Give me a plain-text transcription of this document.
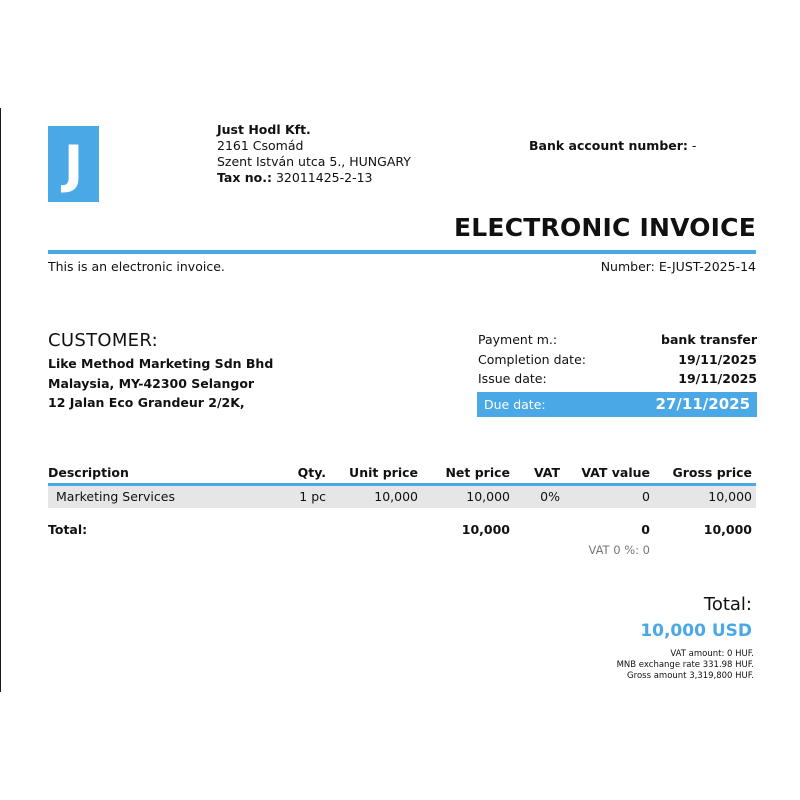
J
Just Hodl Kft.
2161 Csomád
Szent István utca 5., HUNGARY
Tax no.: 32011425-2-13
Bank account number: -
ELECTRONIC INVOICE
This is an electronic invoice.	Number: E-JUST-2025-14
CUSTOMER:
Like Method Marketing Sdn Bhd
Malaysia, MY-42300 Selangor
12 Jalan Eco Grandeur 2/2K,
Payment m.:	bank transfer
Completion date:	19/11/2025
Issue date:	19/11/2025
Due date:	27/11/2025
Description	Qty.	Unit price	Net price	VAT	VAT value	Gross price
Marketing Services	1 pc	10,000	10,000	0%	0	10,000
Total:			10,000		0	10,000
VAT 0 %: 0
Total:
10,000 USD
VAT amount: 0 HUF.
MNB exchange rate 331.98 HUF.
Gross amount 3,319,800 HUF.
